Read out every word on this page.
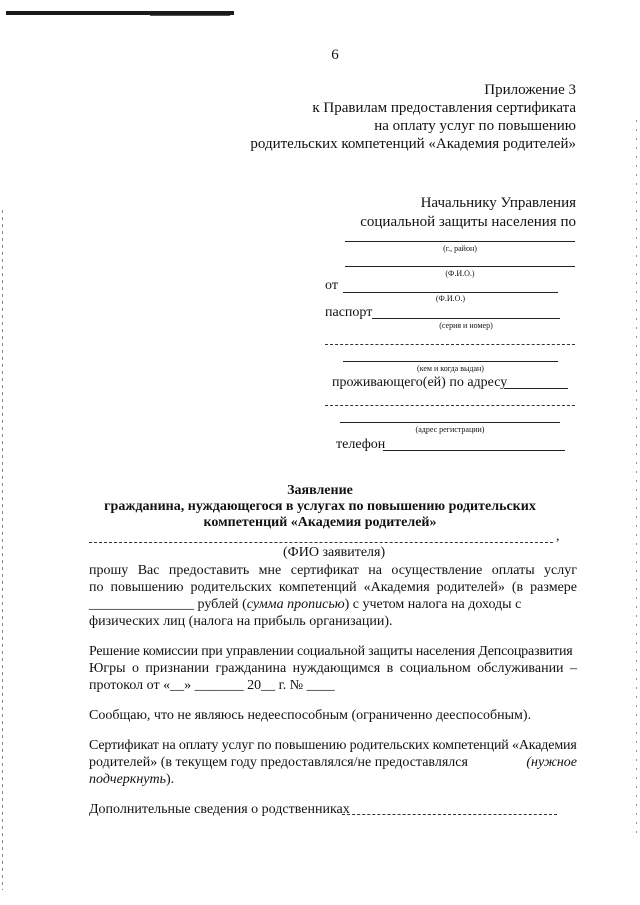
6
Приложение 3
к Правилам предоставления сертификата
на оплату услуг по повышению
родительских компетенций «Академия родителей»
Начальнику Управления
социальной защиты населения по
(г., район)
(Ф.И.О.)
от
(Ф.И.О.)
паспорт
(серия и номер)
(кем и когда выдан)
проживающего(ей) по адресу
(адрес регистрации)
телефон
Заявление
гражданина, нуждающегося в услугах по повышению родительских
компетенций «Академия родителей»
,
(ФИО заявителя)
прошу Вас предоставить мне сертификат на осуществление оплаты услуг
по повышению родительских компетенций «Академия родителей» (в размере
_______________ рублей (сумма прописью) с учетом налога на доходы с
физических лиц (налога на прибыль организации).
Решение комиссии при управлении социальной защиты населения Депсоцразвития
Югры о признании гражданина нуждающимся в социальном обслуживании –
протокол от «__» _______ 20__ г. № ____
Сообщаю, что не являюсь недееспособным (ограниченно дееспособным).
Сертификат на оплату услуг по повышению родительских компетенций «Академия
родителей» (в текущем году предоставлялся/не предоставлялся	(нужное
подчеркнуть).
Дополнительные сведения о родственниках
